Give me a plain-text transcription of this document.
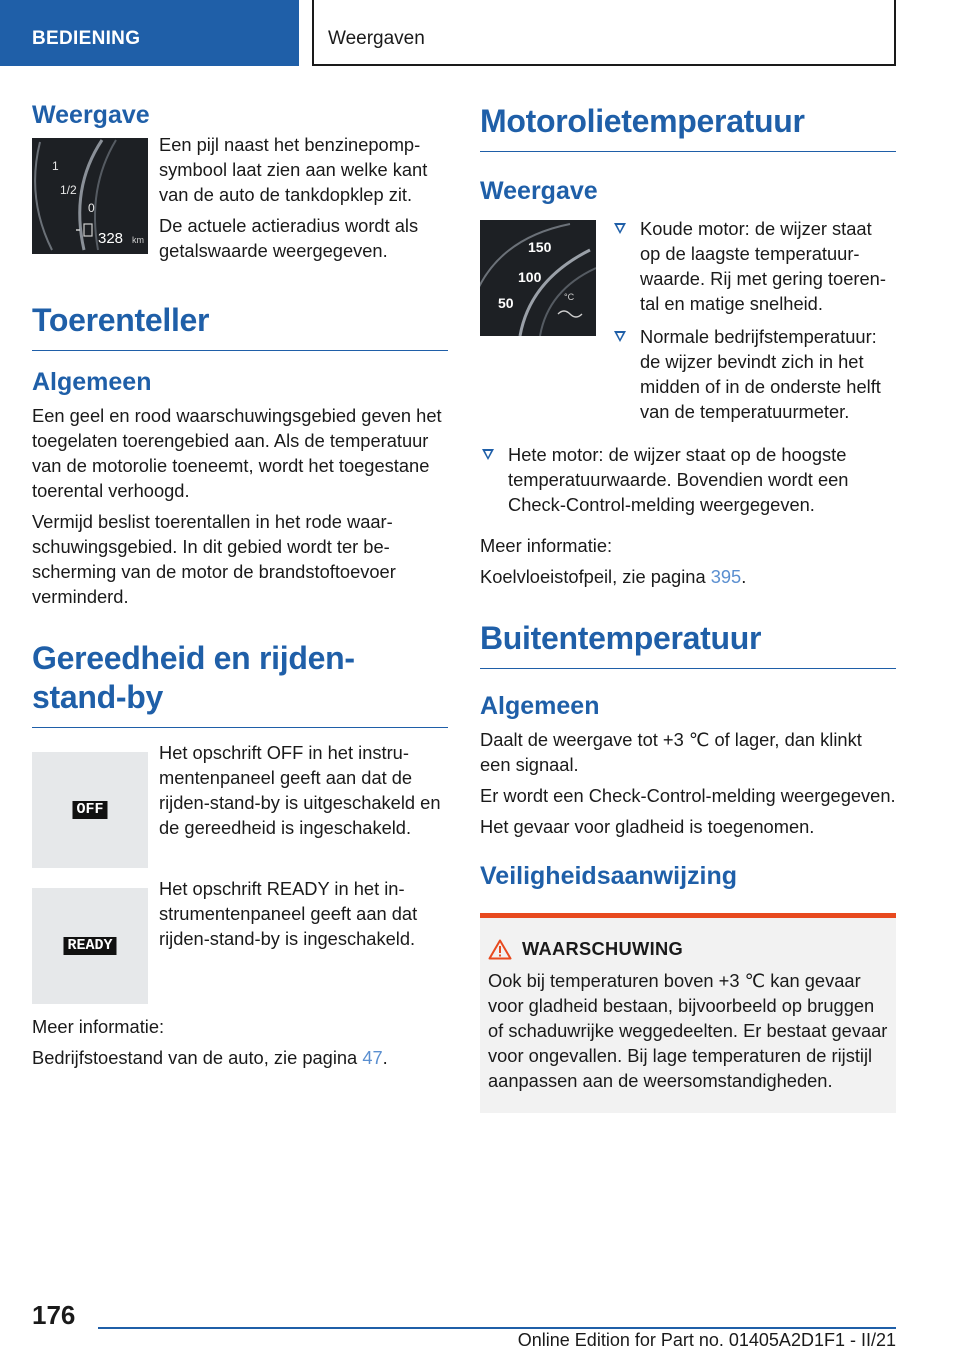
BEDIENING	Weergaven
Weergave
1
1/2
0
328 km

Een pijl naast het benzinepompsymbool laat zien aan welke kant van de auto de tankdopklep zit.

De actuele actieradius wordt als getalswaarde weergegeven.

Toerenteller
Algemeen

Een geel en rood waarschuwingsgebied geven het toegelaten toerengebied aan. Als de temperatuur van de motorolie toeneemt, wordt het toegestane toerental verhoogd.

Vermijd beslist toerentallen in het rode waarschuwingsgebied. In dit gebied wordt ter bescherming van de motor de brandstoftoevoer verminderd.

Gereedheid en rijden-
stand-by
OFF

Het opschrift OFF in het instrumentenpaneel geeft aan dat de rijden-stand-by is uitgeschakeld en de gereedheid is ingeschakeld.

READY

Het opschrift READY in het instrumentenpaneel geeft aan dat rijden-stand-by is ingeschakeld.

Meer informatie:

Bedrijfstoestand van de auto, zie pagina 47.

Motorolietemperatuur
Weergave
150
100
50	°C
Koude motor: de wijzer staat op de laagste temperatuurwaarde. Rij met gering toerental en matige snelheid.
Normale bedrijfstemperatuur: de wijzer bevindt zich in het midden of in de onderste helft van de temperatuurmeter.
Hete motor: de wijzer staat op de hoogste temperatuurwaarde. Bovendien wordt een Check-Control-melding weergegeven.

Meer informatie:

Koelvloeistofpeil, zie pagina 395.

Buitentemperatuur
Algemeen

Daalt de weergave tot +3 ℃ of lager, dan klinkt een signaal.

Er wordt een Check-Control-melding weergegeven.

Het gevaar voor gladheid is toegenomen.

Veiligheidsaanwijzing
WAARSCHUWING

Ook bij temperaturen boven +3 ℃ kan gevaar voor gladheid bestaan, bijvoorbeeld op bruggen of schaduwrijke weggedeelten. Er bestaat gevaar voor ongevallen. Bij lage temperaturen de rijstijl aanpassen aan de weersomstandigheden.

176
Online Edition for Part no. 01405A2D1F1 - II/21
